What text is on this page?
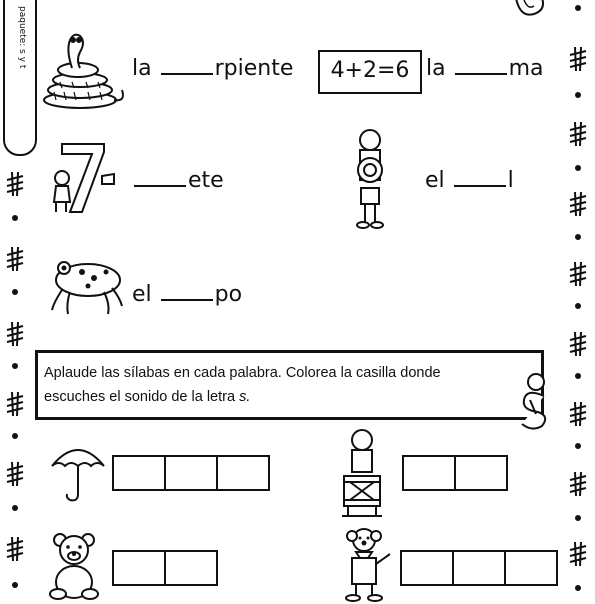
paquete: s y t
la	rpiente	4+2=6 la	ma
ete	el	l
el	po
Aplaude las sílabas en cada palabra. Colorea la casilla donde
escuches el sonido de la letra s.
